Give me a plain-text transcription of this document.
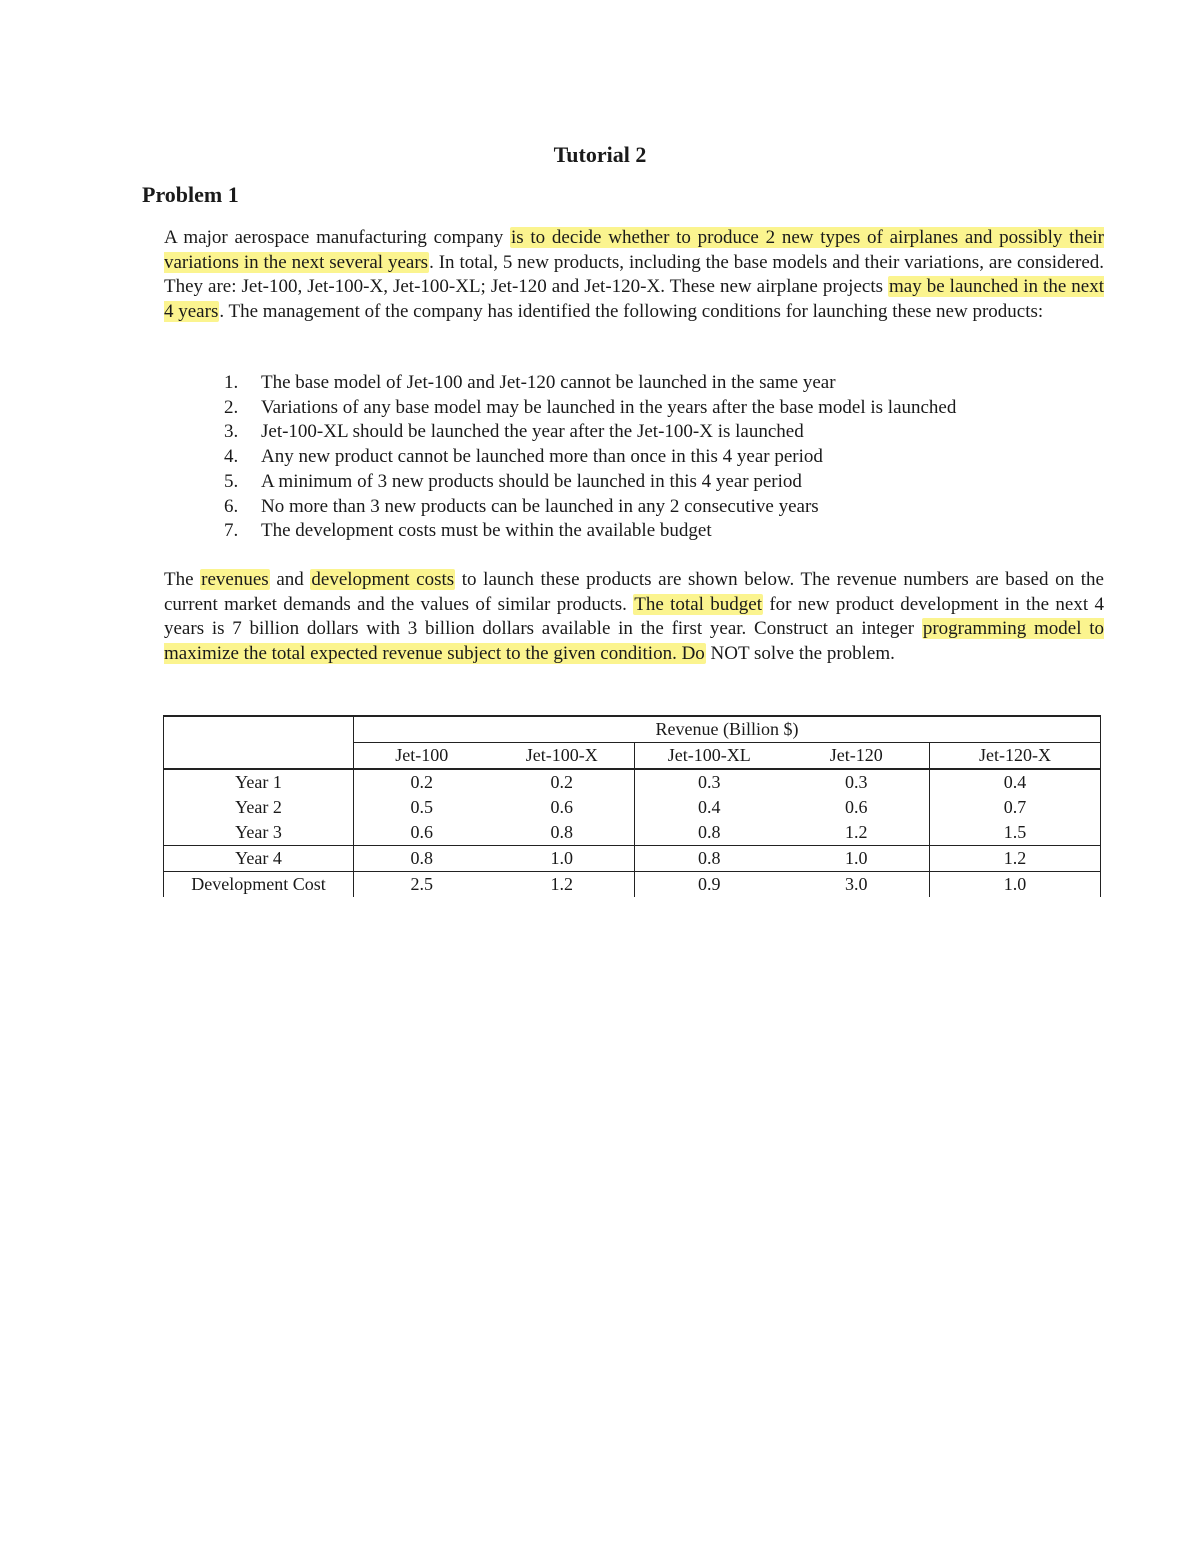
Tutorial 2
Problem 1

A major aerospace manufacturing company is to decide whether to produce 2 new types of airplanes and possibly their variations in the next several years. In total, 5 new products, including the base models and their variations, are considered. They are: Jet-100, Jet-100-X, Jet-100-XL; Jet-120 and Jet-120-X. These new airplane projects may be launched in the next 4 years. The management of the company has identified the following conditions for launching these new products:

1.	The base model of Jet-100 and Jet-120 cannot be launched in the same year
2.	Variations of any base model may be launched in the years after the base model is launched
3.	Jet-100-XL should be launched the year after the Jet-100-X is launched
4.	Any new product cannot be launched more than once in this 4 year period
5.	A minimum of 3 new products should be launched in this 4 year period
6.	No more than 3 new products can be launched in any 2 consecutive years
7.	The development costs must be within the available budget

The revenues and development costs to launch these products are shown below. The revenue numbers are based on the current market demands and the values of similar products. The total budget for new product development in the next 4 years is 7 billion dollars with 3 billion dollars available in the first year. Construct an integer programming model to maximize the total expected revenue subject to the given condition. Do NOT solve the problem.

	Revenue (Billion $)				
	Jet-100	Jet-100-X	Jet-100-XL	Jet-120	Jet-120-X
Year 1	0.2	0.2	0.3	0.3	0.4
Year 2	0.5	0.6	0.4	0.6	0.7
Year 3	0.6	0.8	0.8	1.2	1.5
Year 4	0.8	1.0	0.8	1.0	1.2
Development Cost	2.5	1.2	0.9	3.0	1.0
